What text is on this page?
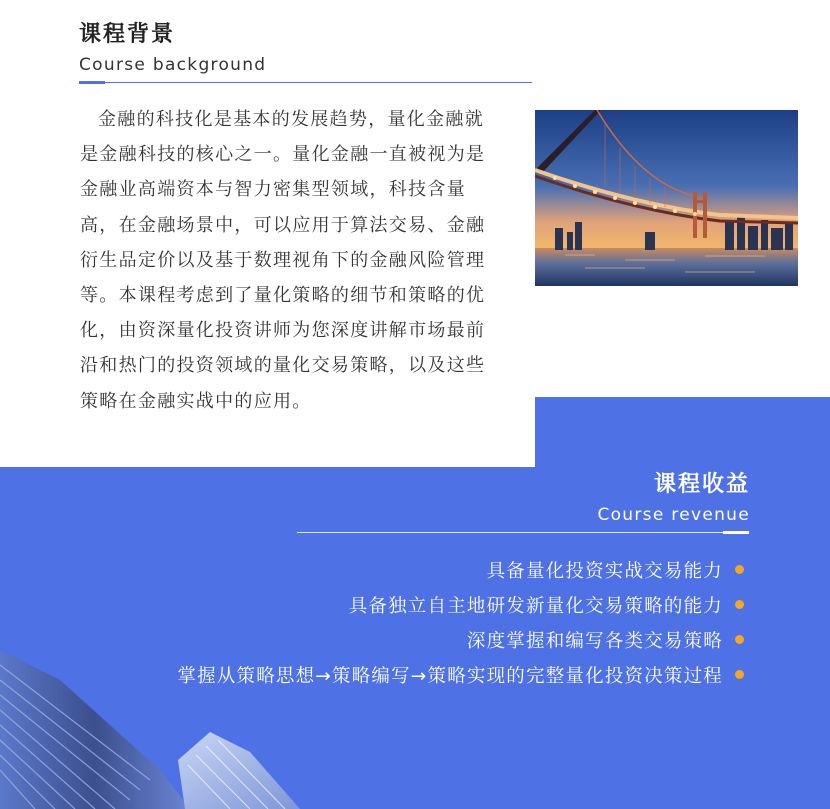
课程背景
Course background

金融的科技化是基本的发展趋势，量化金融就是金融科技的核心之一。量化金融一直被视为是金融业高端资本与智力密集型领域，科技含量高，在金融场景中，可以应用于算法交易、金融衍生品定价以及基于数理视角下的金融风险管理等。本课程考虑到了量化策略的细节和策略的优化，由资深量化投资讲师为您深度讲解市场最前沿和热门的投资领域的量化交易策略，以及这些策略在金融实战中的应用。

课程收益
Course revenue
具备量化投资实战交易能力
具备独立自主地研发新量化交易策略的能力
深度掌握和编写各类交易策略
掌握从策略思想→策略编写→策略实现的完整量化投资决策过程
